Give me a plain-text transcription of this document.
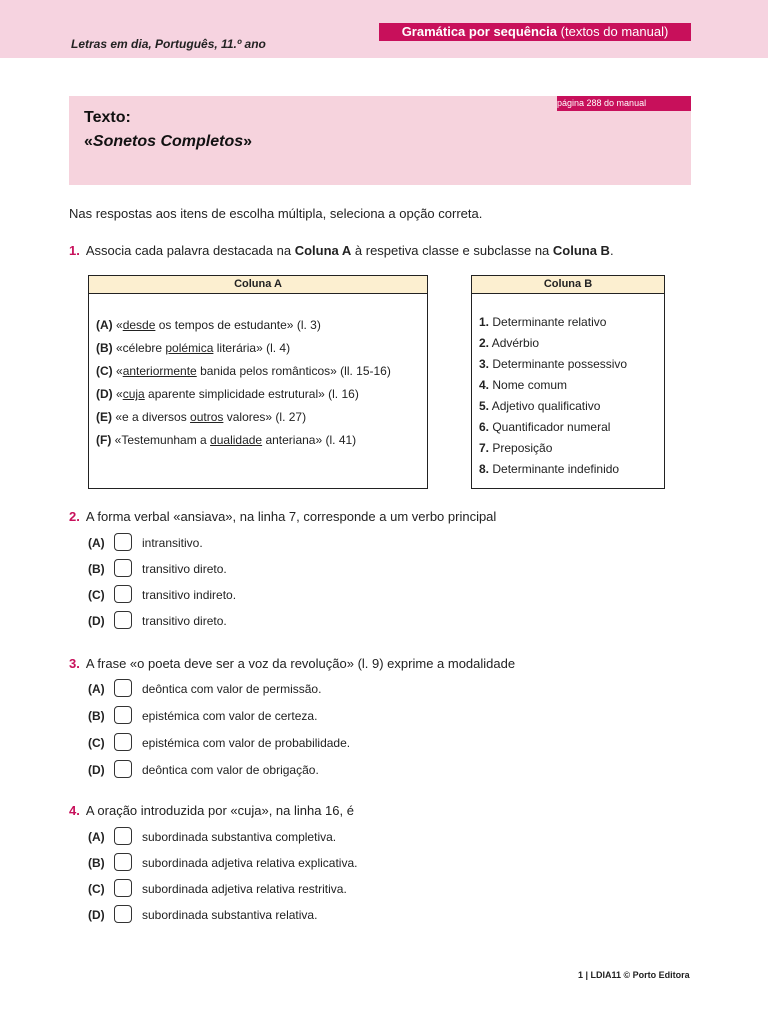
Gramática por sequência (textos do manual)
Letras em dia, Português, 11.º ano
página 288 do manual
Texto:
«Sonetos Completos»
Nas respostas aos itens de escolha múltipla, seleciona a opção correta.
1. Associa cada palavra destacada na Coluna A à respetiva classe e subclasse na Coluna B.
Coluna A
(A) «desde os tempos de estudante» (l. 3)
(B) «célebre polémica literária» (l. 4)
(C) «anteriormente banida pelos românticos» (ll. 15-16)
(D) «cuja aparente simplicidade estrutural» (l. 16)
(E) «e a diversos outros valores» (l. 27)
(F) «Testemunham a dualidade anteriana» (l. 41)
Coluna B
1. Determinante relativo
2. Advérbio
3. Determinante possessivo
4. Nome comum
5. Adjetivo qualificativo
6. Quantificador numeral
7. Preposição
8. Determinante indefinido
2. A forma verbal «ansiava», na linha 7, corresponde a um verbo principal
(A)	intransitivo.
(B)	transitivo direto.
(C)	transitivo indireto.
(D)	transitivo direto.
3. A frase «o poeta deve ser a voz da revolução» (l. 9) exprime a modalidade
(A)	deôntica com valor de permissão.
(B)	epistémica com valor de certeza.
(C)	epistémica com valor de probabilidade.
(D)	deôntica com valor de obrigação.
4. A oração introduzida por «cuja», na linha 16, é
(A)	subordinada substantiva completiva.
(B)	subordinada adjetiva relativa explicativa.
(C)	subordinada adjetiva relativa restritiva.
(D)	subordinada substantiva relativa.
1 | LDIA11 © Porto Editora
